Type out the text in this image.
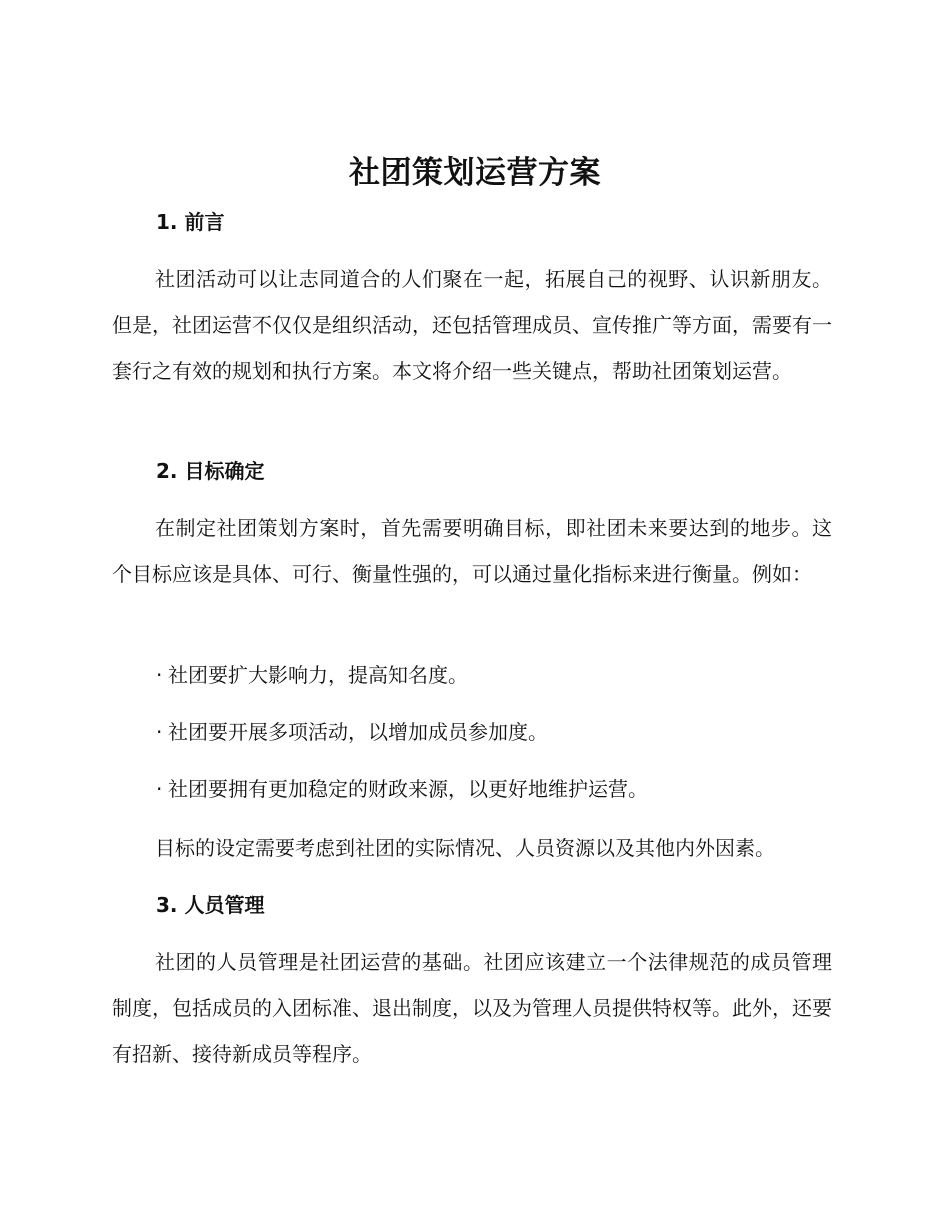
社团策划运营方案
1. 前言

社团活动可以让志同道合的人们聚在一起，拓展自己的视野、认识新朋友。但是，社团运营不仅仅是组织活动，还包括管理成员、宣传推广等方面，需要有一套行之有效的规划和执行方案。本文将介绍一些关键点，帮助社团策划运营。

2. 目标确定

在制定社团策划方案时，首先需要明确目标，即社团未来要达到的地步。这个目标应该是具体、可行、衡量性强的，可以通过量化指标来进行衡量。例如：

· 社团要扩大影响力，提高知名度。
· 社团要开展多项活动，以增加成员参加度。
· 社团要拥有更加稳定的财政来源，以更好地维护运营。

目标的设定需要考虑到社团的实际情况、人员资源以及其他内外因素。

3. 人员管理

社团的人员管理是社团运营的基础。社团应该建立一个法律规范的成员管理制度，包括成员的入团标准、退出制度，以及为管理人员提供特权等。此外，还要有招新、接待新成员等程序。
